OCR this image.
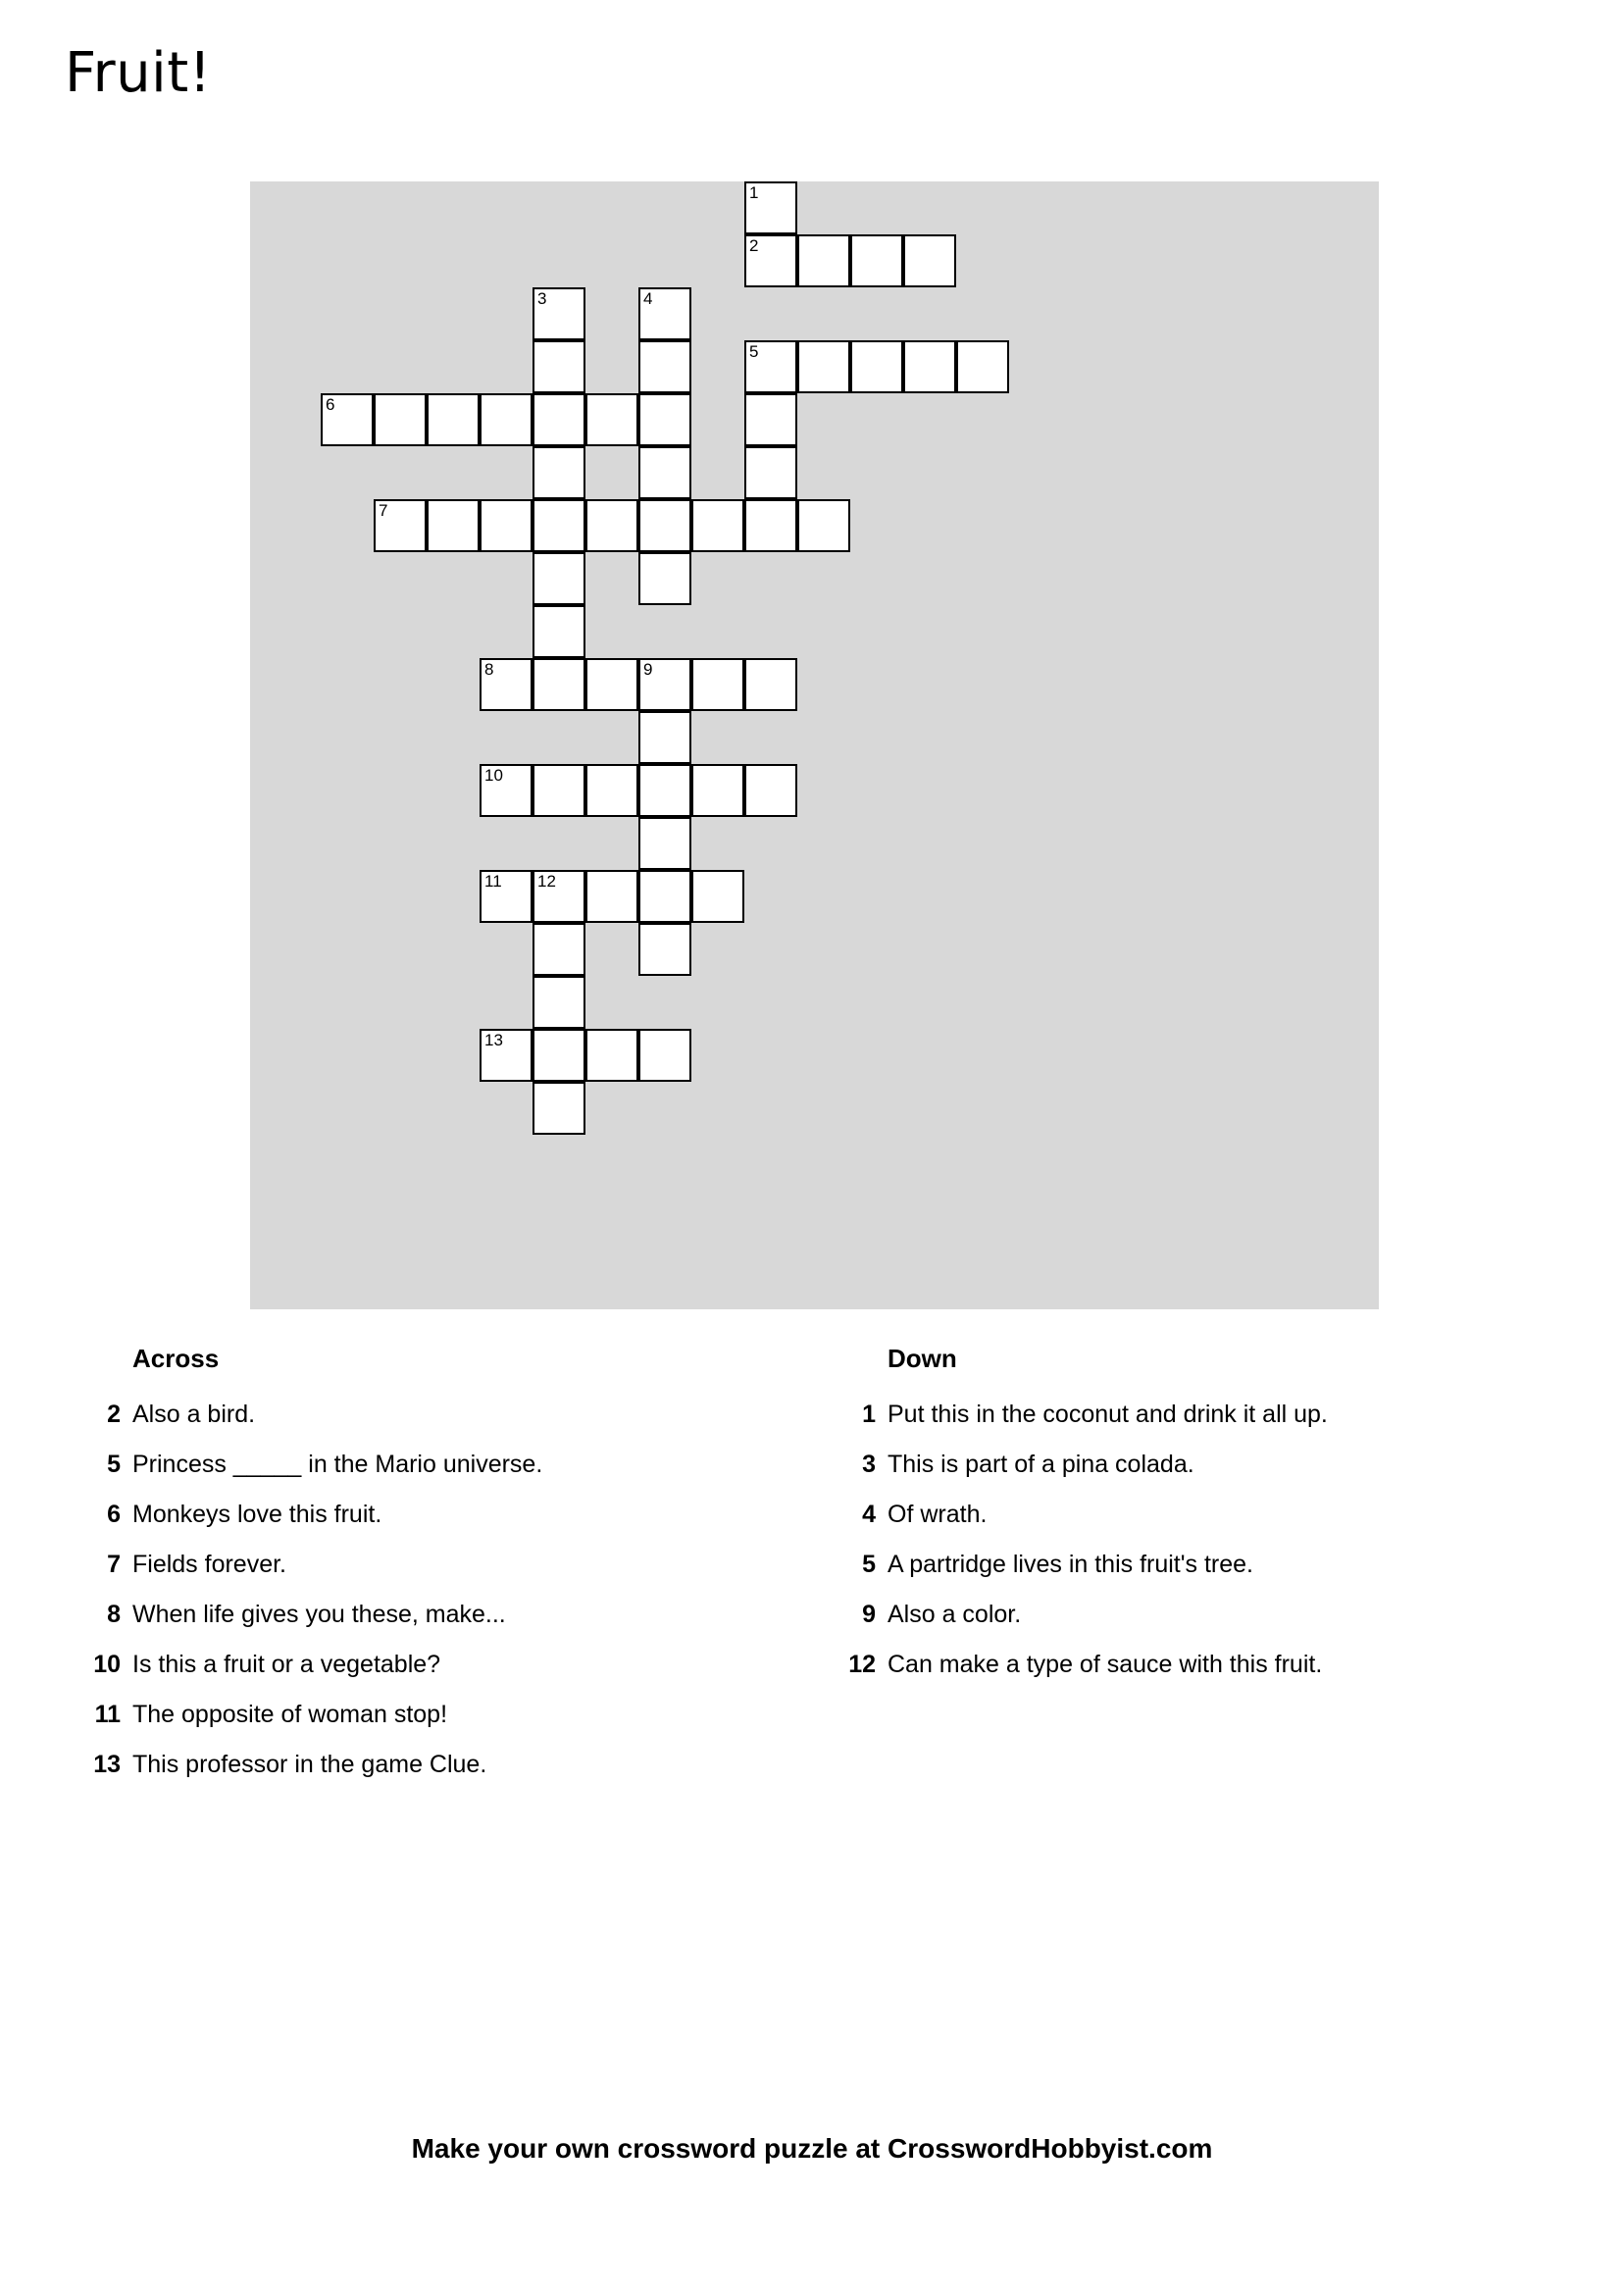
Fruit!
1
2
3	4
5
6
7
8	9
10
11 12
13
Across
2 Also a bird.
5 Princess _____ in the Mario universe.
6 Monkeys love this fruit.
7 Fields forever.
8 When life gives you these, make...
10 Is this a fruit or a vegetable?
11 The opposite of woman stop!
13 This professor in the game Clue.
Down
1 Put this in the coconut and drink it all up.
3 This is part of a pina colada.
4 Of wrath.
5 A partridge lives in this fruit's tree.
9 Also a color.
12 Can make a type of sauce with this fruit.
Make your own crossword puzzle at CrosswordHobbyist.com
